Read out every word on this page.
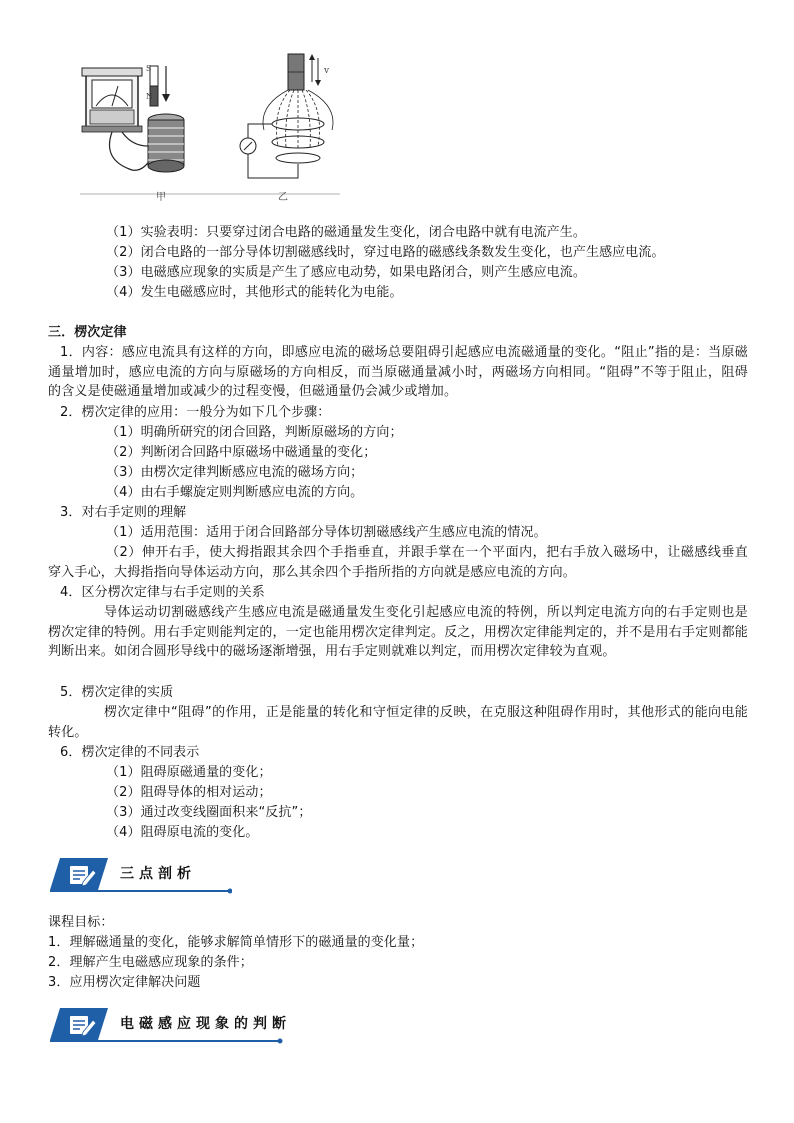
甲	乙
S
N
v
（1）实验表明：只要穿过闭合电路的磁通量发生变化，闭合电路中就有电流产生。
（2）闭合电路的一部分导体切割磁感线时，穿过电路的磁感线条数发生变化，也产生感应电流。
（3）电磁感应现象的实质是产生了感应电动势，如果电路闭合，则产生感应电流。
（4）发生电磁感应时，其他形式的能转化为电能。
三．楞次定律
1．内容：感应电流具有这样的方向，即感应电流的磁场总要阻碍引起感应电流磁通量的变化。“阻止”指的是：当原磁通量增加时，感应电流的方向与原磁场的方向相反，而当原磁通量减小时，两磁场方向相同。“阻碍”不等于阻止，阻碍的含义是使磁通量增加或减少的过程变慢，但磁通量仍会减少或增加。
2．楞次定律的应用：一般分为如下几个步骤：
（1）明确所研究的闭合回路，判断原磁场的方向；
（2）判断闭合回路中原磁场中磁通量的变化；
（3）由楞次定律判断感应电流的磁场方向；
（4）由右手螺旋定则判断感应电流的方向。
3．对右手定则的理解
（1）适用范围：适用于闭合回路部分导体切割磁感线产生感应电流的情况。
（2）伸开右手，使大拇指跟其余四个手指垂直，并跟手掌在一个平面内，把右手放入磁场中，让磁感线垂直穿入手心，大拇指指向导体运动方向，那么其余四个手指所指的方向就是感应电流的方向。
4．区分楞次定律与右手定则的关系
导体运动切割磁感线产生感应电流是磁通量发生变化引起感应电流的特例，所以判定电流方向的右手定则也是楞次定律的特例。用右手定则能判定的，一定也能用楞次定律判定。反之，用楞次定律能判定的，并不是用右手定则都能判断出来。如闭合圆形导线中的磁场逐渐增强，用右手定则就难以判定，而用楞次定律较为直观。
5．楞次定律的实质
楞次定律中“阻碍”的作用，正是能量的转化和守恒定律的反映，在克服这种阻碍作用时，其他形式的能向电能转化。
6．楞次定律的不同表示
（1）阻碍原磁通量的变化；
（2）阻碍导体的相对运动；
（3）通过改变线圈面积来“反抗”；
（4）阻碍原电流的变化。
三点剖析
课程目标：
1．理解磁通量的变化，能够求解简单情形下的磁通量的变化量；
2．理解产生电磁感应现象的条件；
3．应用楞次定律解决问题
电磁感应现象的判断
